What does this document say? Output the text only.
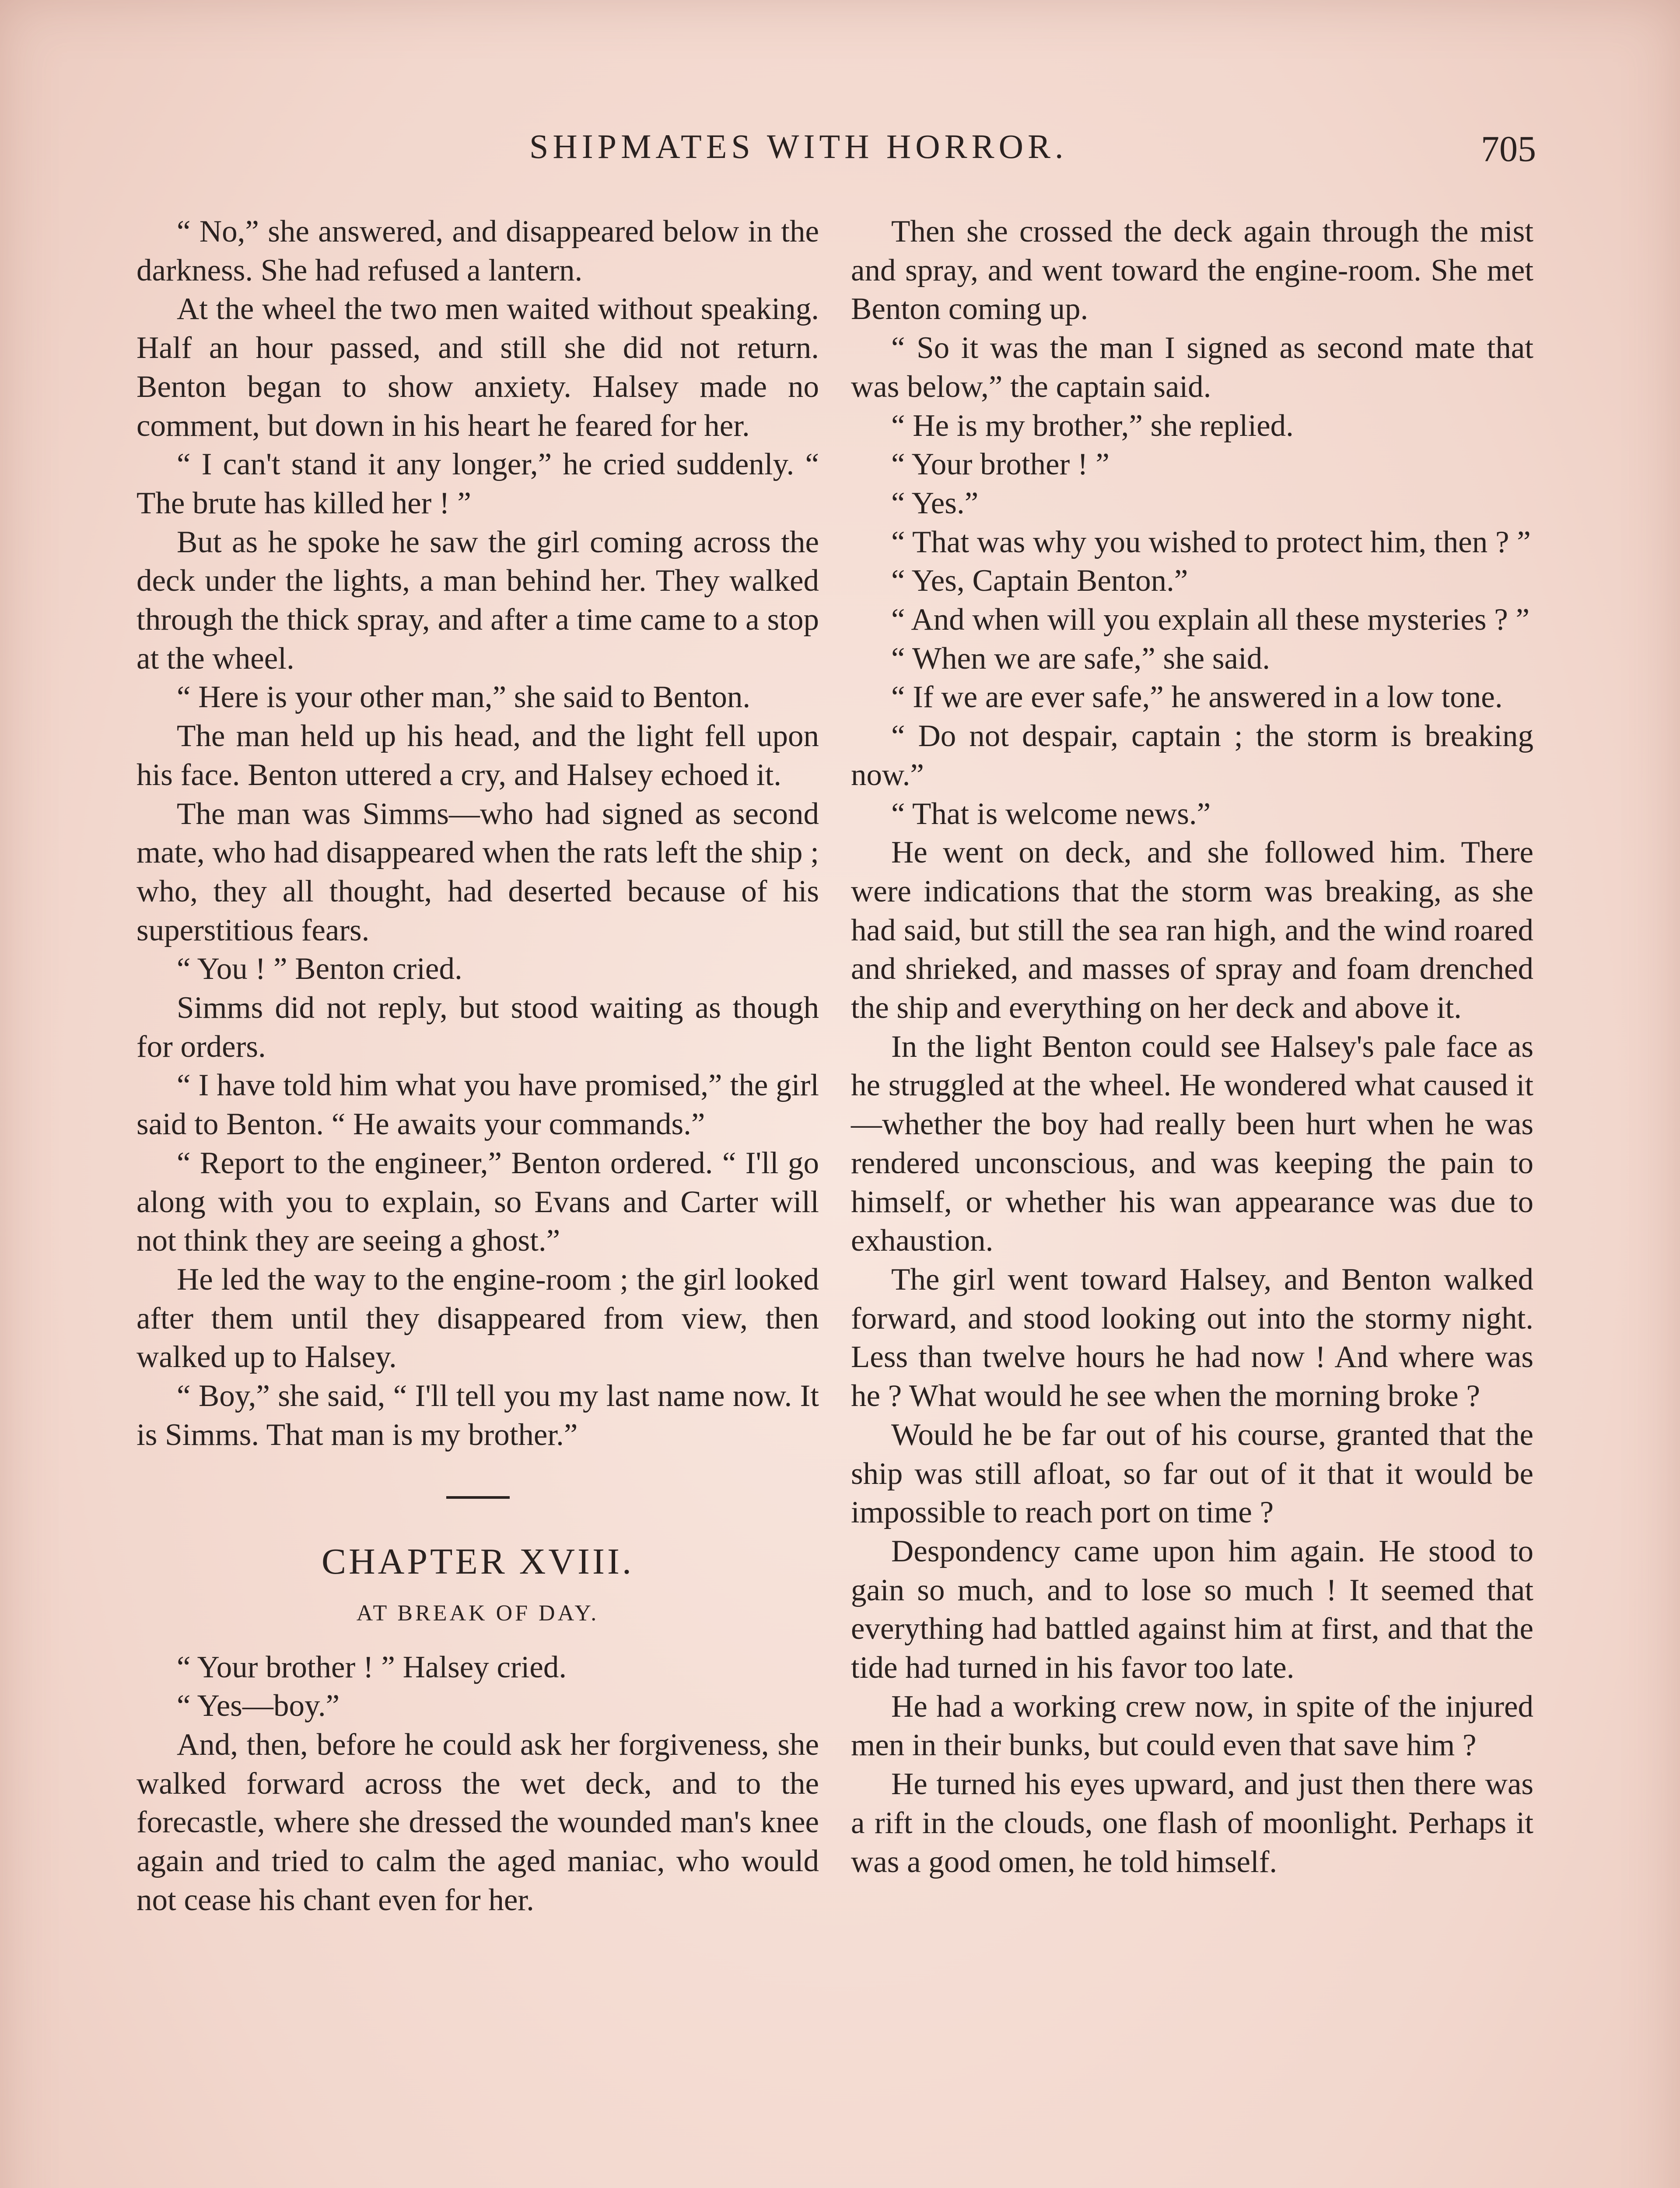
SHIPMATES WITH HORROR.	705

“ No,” she answered, and disappeared below in the darkness. She had refused a lantern.

At the wheel the two men waited without speaking. Half an hour passed, and still she did not return. Benton began to show anxiety. Halsey made no comment, but down in his heart he feared for her.

“ I can't stand it any longer,” he cried suddenly. “ The brute has killed her ! ”

But as he spoke he saw the girl coming across the deck under the lights, a man behind her. They walked through the thick spray, and after a time came to a stop at the wheel.

“ Here is your other man,” she said to Benton.

The man held up his head, and the light fell upon his face. Benton uttered a cry, and Halsey echoed it.

The man was Simms—who had signed as second mate, who had disappeared when the rats left the ship ; who, they all thought, had deserted because of his superstitious fears.

“ You ! ” Benton cried.

Simms did not reply, but stood waiting as though for orders.

“ I have told him what you have promised,” the girl said to Benton. “ He awaits your commands.”

“ Report to the engineer,” Benton ordered. “ I'll go along with you to explain, so Evans and Carter will not think they are seeing a ghost.”

He led the way to the engine-room ; the girl looked after them until they disappeared from view, then walked up to Halsey.

“ Boy,” she said, “ I'll tell you my last name now. It is Simms. That man is my brother.”

CHAPTER XVIII.
AT BREAK OF DAY.

“ Your brother ! ” Halsey cried.

“ Yes—boy.”

And, then, before he could ask her forgiveness, she walked forward across the wet deck, and to the forecastle, where she dressed the wounded man's knee again and tried to calm the aged maniac, who would not cease his chant even for her.

Then she crossed the deck again through the mist and spray, and went toward the engine-room. She met Benton coming up.

“ So it was the man I signed as second mate that was below,” the captain said.

“ He is my brother,” she replied.

“ Your brother ! ”

“ Yes.”

“ That was why you wished to protect him, then ? ”

“ Yes, Captain Benton.”

“ And when will you explain all these mysteries ? ”

“ When we are safe,” she said.

“ If we are ever safe,” he answered in a low tone.

“ Do not despair, captain ; the storm is breaking now.”

“ That is welcome news.”

He went on deck, and she followed him. There were indications that the storm was breaking, as she had said, but still the sea ran high, and the wind roared and shrieked, and masses of spray and foam drenched the ship and everything on her deck and above it.

In the light Benton could see Halsey's pale face as he struggled at the wheel. He wondered what caused it—whether the boy had really been hurt when he was rendered unconscious, and was keeping the pain to himself, or whether his wan appearance was due to exhaustion.

The girl went toward Halsey, and Benton walked forward, and stood looking out into the stormy night. Less than twelve hours he had now ! And where was he ? What would he see when the morning broke ?

Would he be far out of his course, granted that the ship was still afloat, so far out of it that it would be impossible to reach port on time ?

Despondency came upon him again. He stood to gain so much, and to lose so much ! It seemed that everything had battled against him at first, and that the tide had turned in his favor too late.

He had a working crew now, in spite of the injured men in their bunks, but could even that save him ?

He turned his eyes upward, and just then there was a rift in the clouds, one flash of moonlight. Perhaps it was a good omen, he told himself.
